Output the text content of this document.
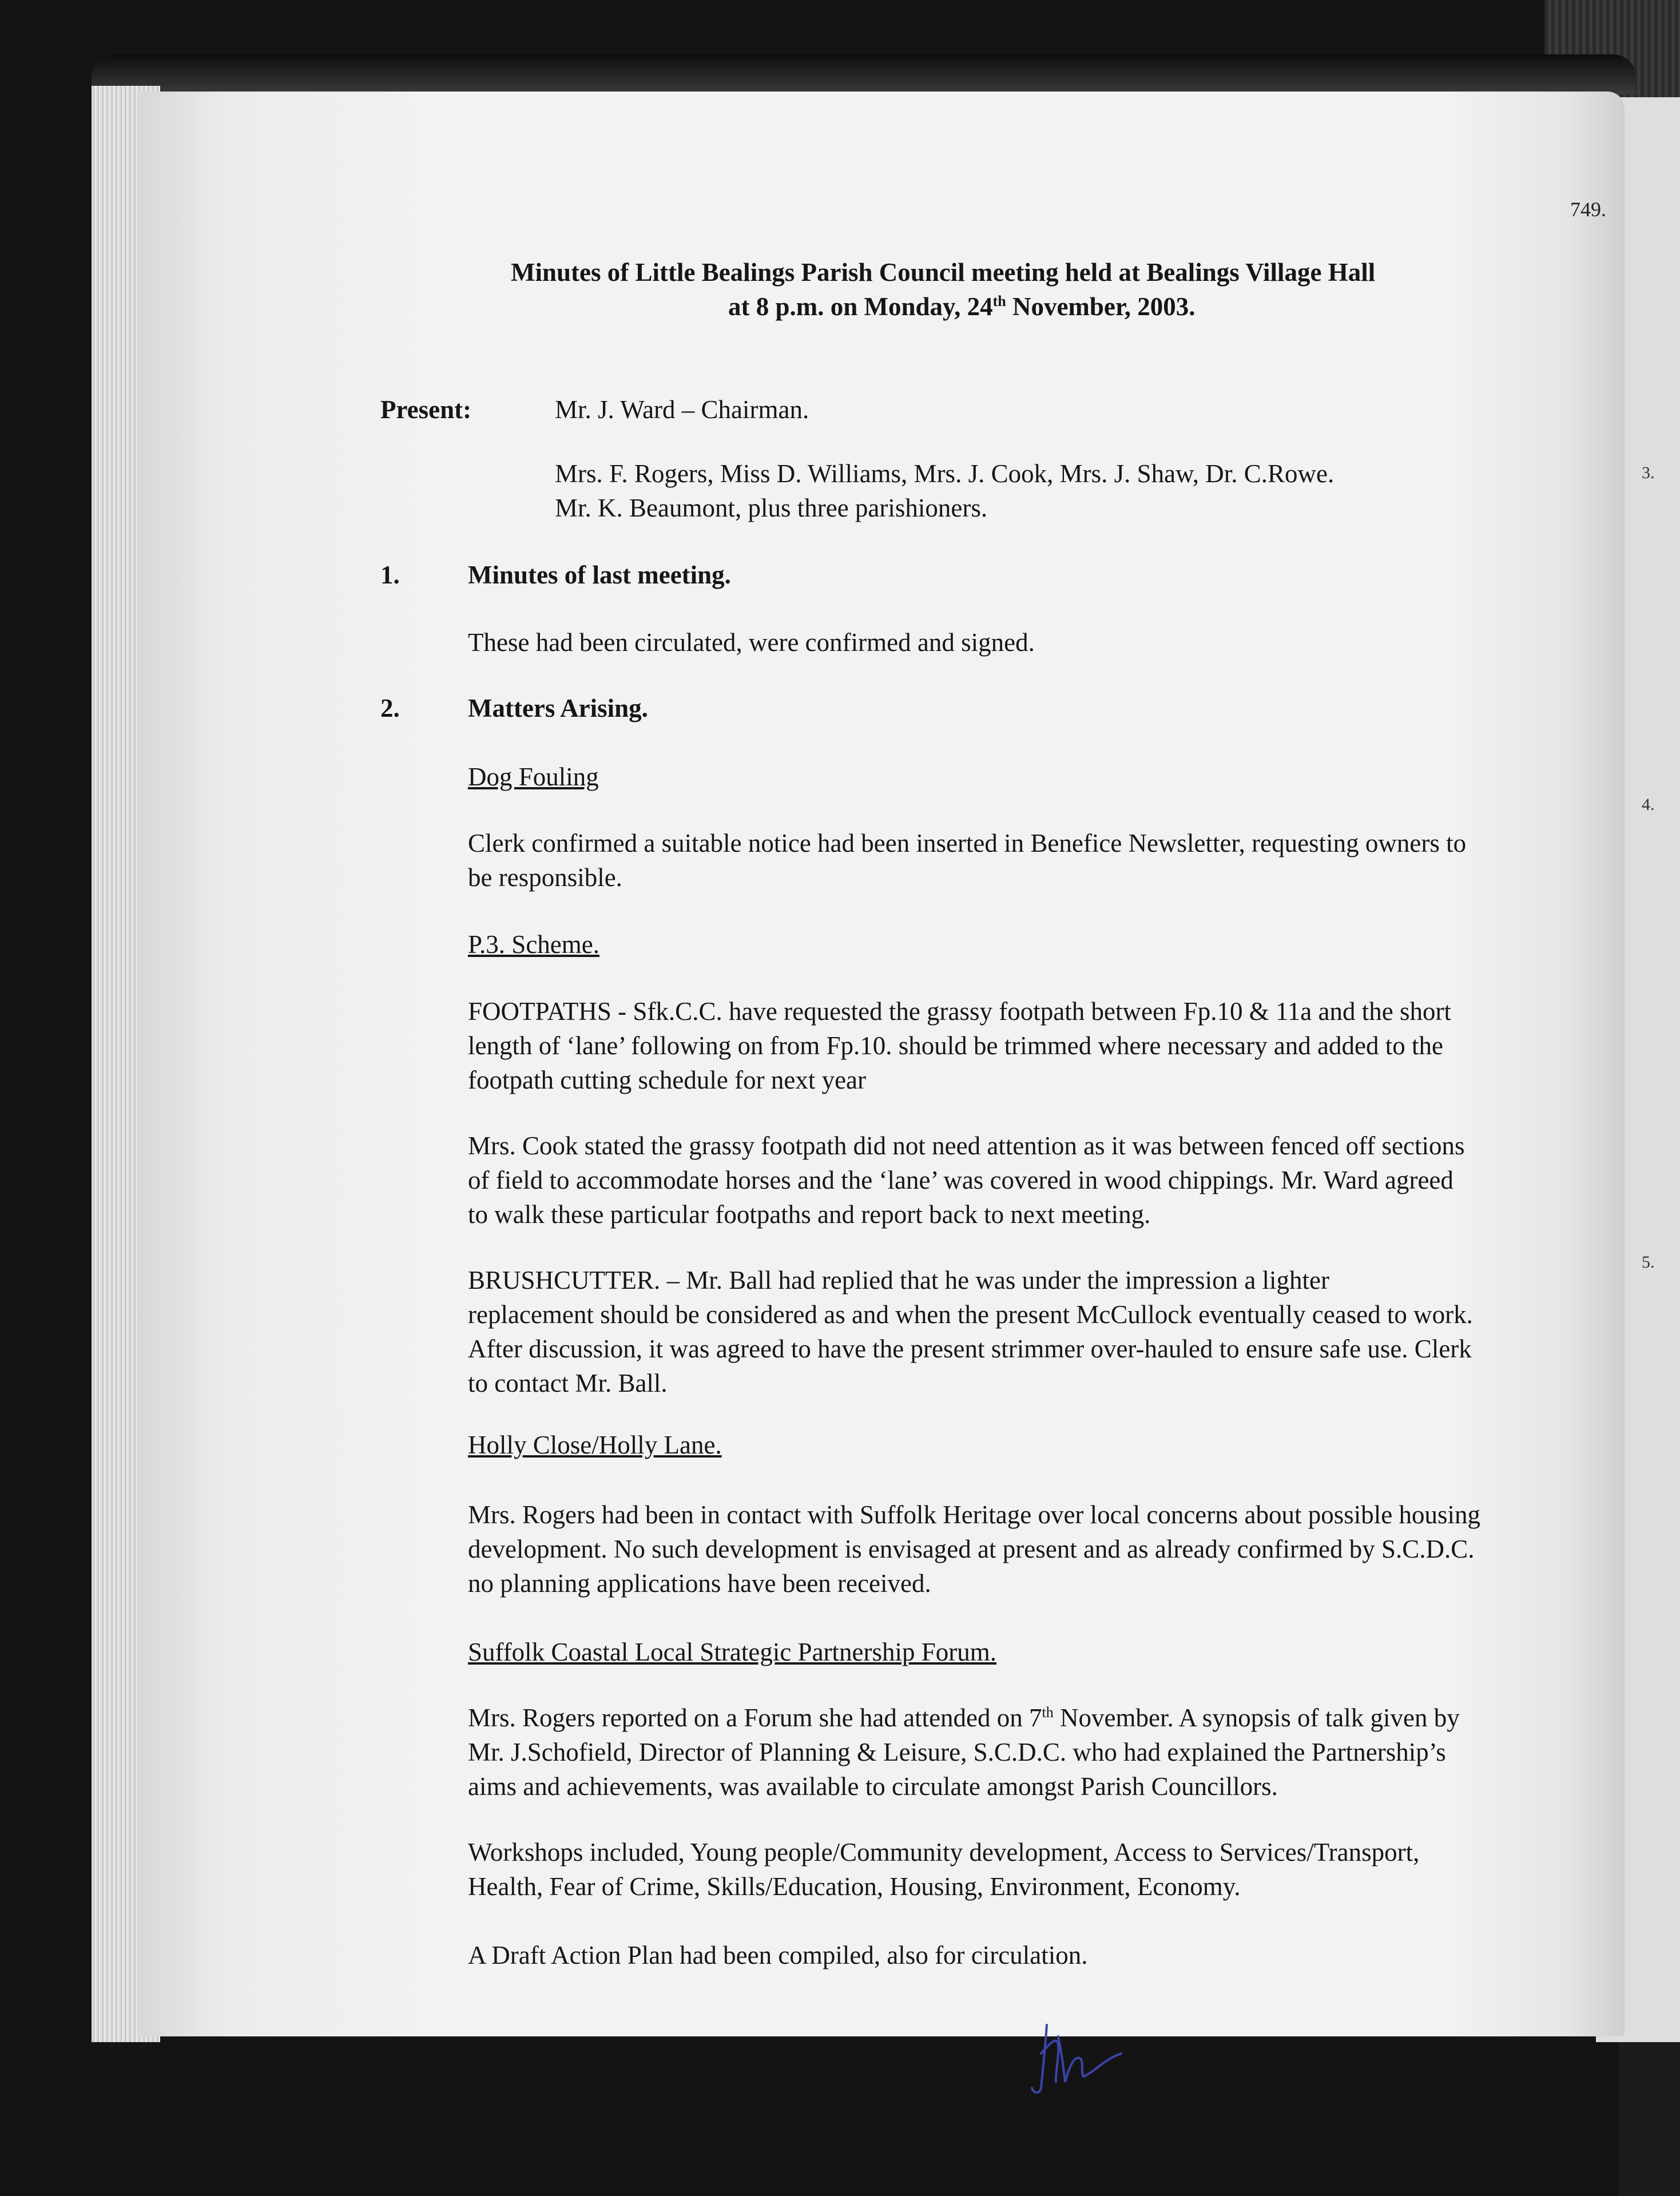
3.
4.
5.
749.
Minutes of Little Bealings Parish Council meeting held at Bealings Village Hall
at 8 p.m. on Monday, 24th November, 2003.
Present:	Mr. J. Ward – Chairman.
Mrs. F. Rogers, Miss D. Williams, Mrs. J. Cook, Mrs. J. Shaw, Dr. C.Rowe.
Mr. K. Beaumont, plus three parishioners.
1.	Minutes of last meeting.
These had been circulated, were confirmed and signed.
2.	Matters Arising.
Dog Fouling
Clerk confirmed a suitable notice had been inserted in Benefice Newsletter, requesting owners to
be responsible.
P.3. Scheme.
FOOTPATHS - Sfk.C.C. have requested the grassy footpath between Fp.10 & 11a and the short
length of ‘lane’ following on from Fp.10. should be trimmed where necessary and added to the
footpath cutting schedule for next year
Mrs. Cook stated the grassy footpath did not need attention as it was between fenced off sections
of field to accommodate horses and the ‘lane’ was covered in wood chippings. Mr. Ward agreed
to walk these particular footpaths and report back to next meeting.
BRUSHCUTTER. – Mr. Ball had replied that he was under the impression a lighter
replacement should be considered as and when the present McCullock eventually ceased to work.
After discussion, it was agreed to have the present strimmer over-hauled to ensure safe use. Clerk
to contact Mr. Ball.
Holly Close/Holly Lane.
Mrs. Rogers had been in contact with Suffolk Heritage over local concerns about possible housing
development. No such development is envisaged at present and as already confirmed by S.C.D.C.
no planning applications have been received.
Suffolk Coastal Local Strategic Partnership Forum.
Mrs. Rogers reported on a Forum she had attended on 7th November. A synopsis of talk given by
Mr. J.Schofield, Director of Planning & Leisure, S.C.D.C. who had explained the Partnership’s
aims and achievements, was available to circulate amongst Parish Councillors.
Workshops included, Young people/Community development, Access to Services/Transport,
Health, Fear of Crime, Skills/Education, Housing, Environment, Economy.
A Draft Action Plan had been compiled, also for circulation.
